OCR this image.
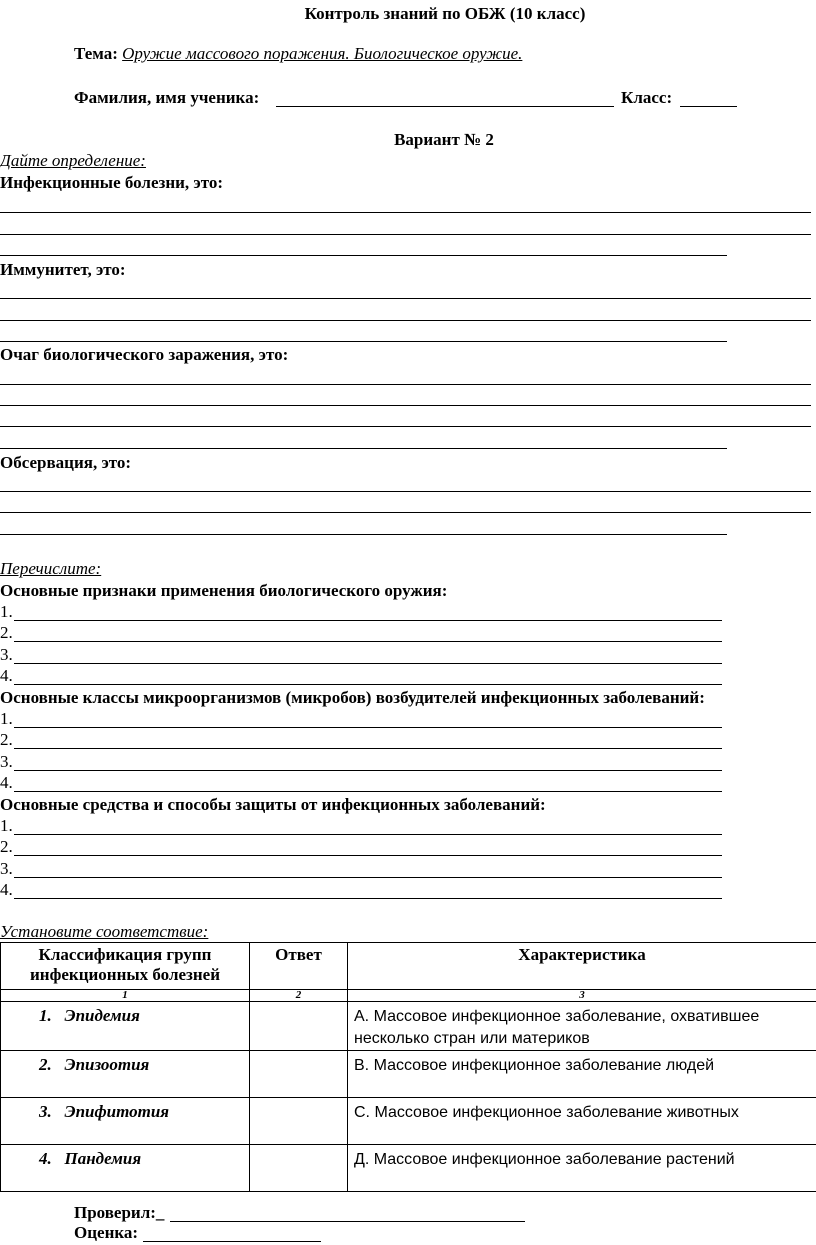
Контроль знаний по ОБЖ (10 класс)
Тема: Оружие массового поражения. Биологическое оружие.
Фамилия, имя ученика:	Класс:
Вариант № 2
Дайте определение:
Инфекционные болезни, это:
Иммунитет, это:
Очаг биологического заражения, это:
Обсервация, это:
Перечислите:
Основные признаки применения биологического оружия:
1.
2.
3.
4.
Основные классы микроорганизмов (микробов) возбудителей инфекционных заболеваний:
1.
2.
3.
4.
Основные средства и способы защиты от инфекционных заболеваний:
1.
2.
3.
4.
Установите соответствие:
Классификация групп инфекционных болезней	Ответ	Характеристика
1	2	3
1. Эпидемия		А. Массовое инфекционное заболевание, охватившее несколько стран или материков
2. Эпизоотия		В. Массовое инфекционное заболевание людей
3. Эпифитотия		С. Массовое инфекционное заболевание животных
4. Пандемия		Д. Массовое инфекционное заболевание растений
Проверил:_
Оценка:
